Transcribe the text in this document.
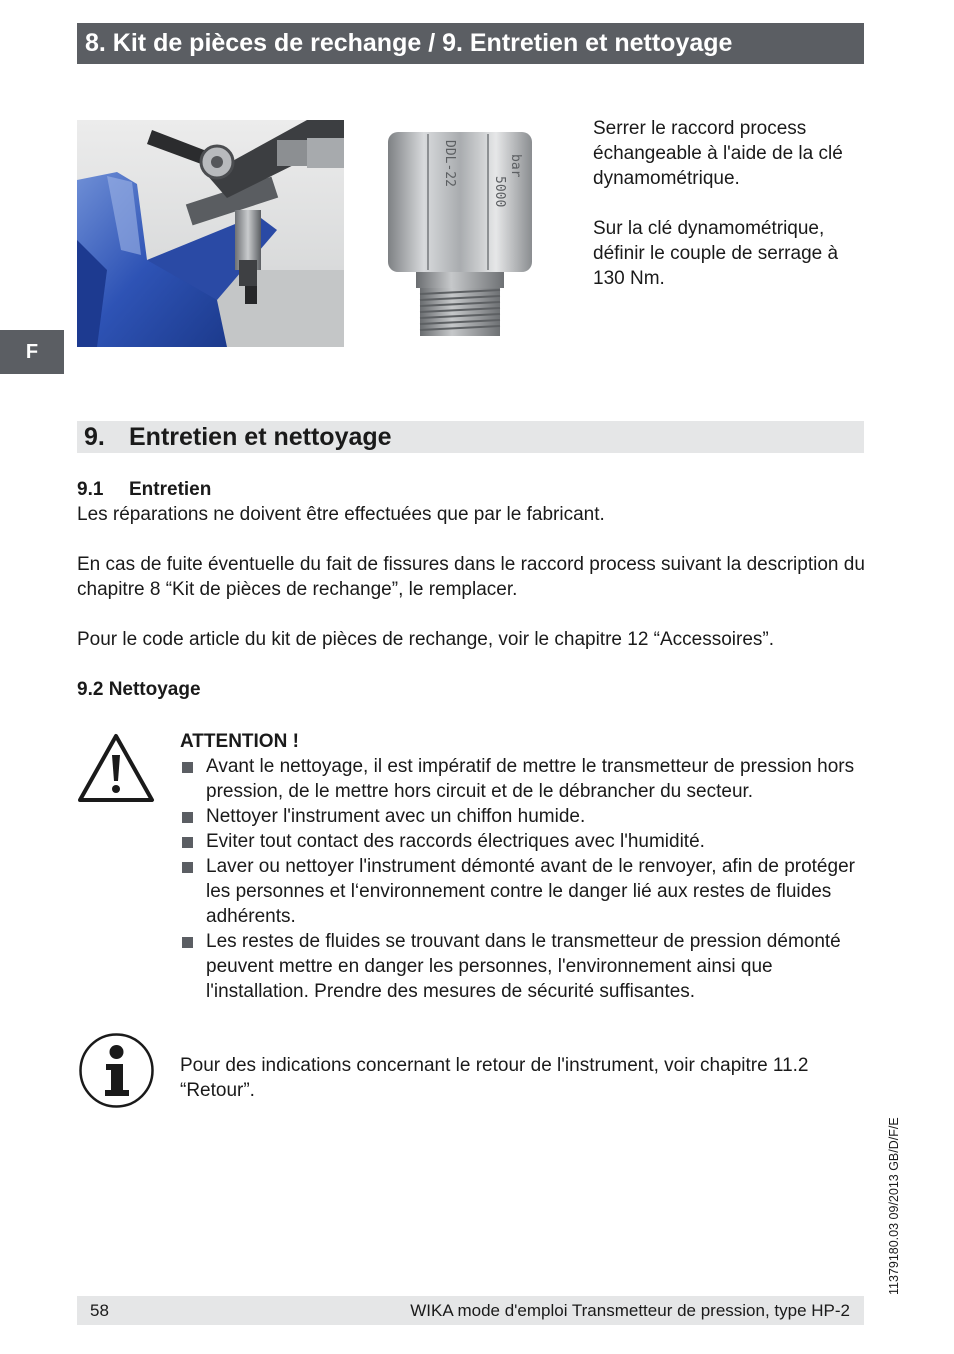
8. Kit de pièces de rechange / 9. Entretien et nettoyage
F
DDL-22	bar
5000

Serrer le raccord process échangeable à l'aide de la clé dynamométrique.

Sur la clé dynamométrique, définir le couple de serrage à 130 Nm.

9. Entretien et nettoyage

9.1 Entretien

Les réparations ne doivent être effectuées que par le fabricant.

En cas de fuite éventuelle du fait de fissures dans le raccord process suivant la description du chapitre 8 “Kit de pièces de rechange”, le remplacer.

Pour le code article du kit de pièces de rechange, voir le chapitre 12 “Accessoires”.

9.2 Nettoyage

ATTENTION !

Avant le nettoyage, il est impératif de mettre le transmetteur de pression hors pression, de le mettre hors circuit et de le débrancher du secteur.
Nettoyer l'instrument avec un chiffon humide.
Eviter tout contact des raccords électriques avec l'humidité.
Laver ou nettoyer l'instrument démonté avant de le renvoyer, afin de protéger les personnes et l‘environnement contre le danger lié aux restes de fluides adhérents.
Les restes de fluides se trouvant dans le transmetteur de pression démonté peuvent mettre en danger les personnes, l'environnement ainsi que l'installation. Prendre des mesures de sécurité suffisantes.
Pour des indications concernant le retour de l'instrument, voir chapitre 11.2 “Retour”.
11379180.03 09/2013 GB/D/F/E
58	WIKA mode d'emploi Transmetteur de pression, type HP-2
